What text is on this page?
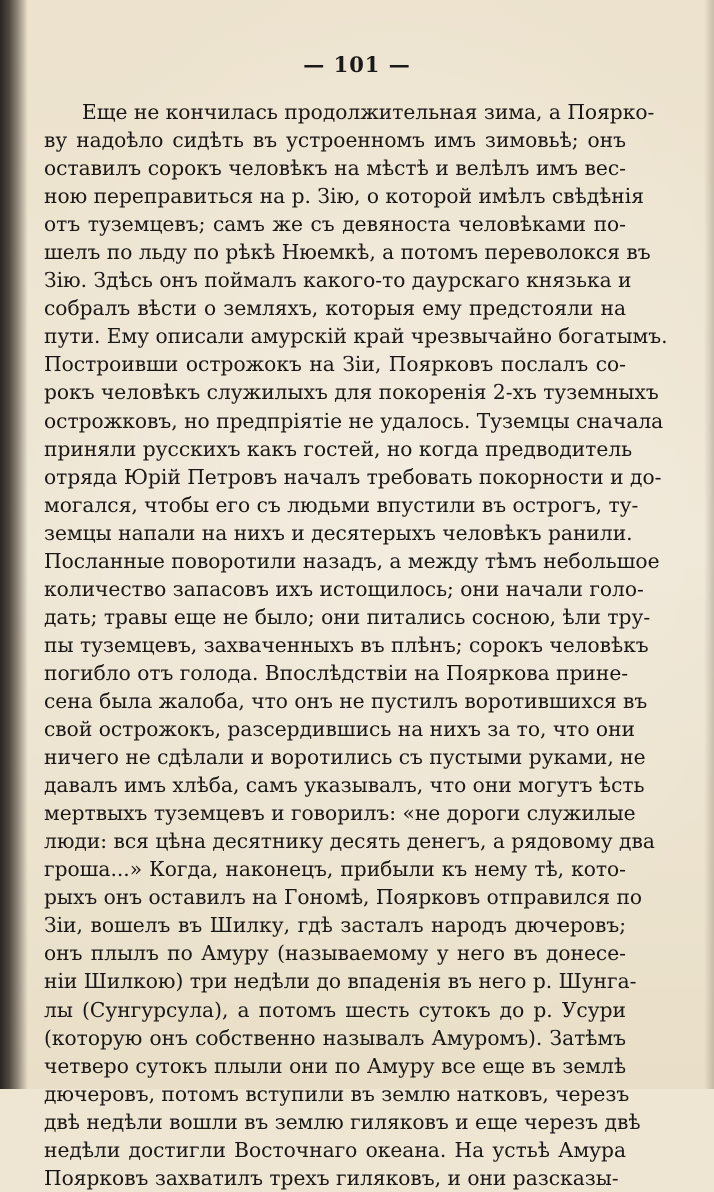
— 101 —
Еще не кончилась продолжительная зима, а Поярко-
ву надоѣло сидѣть въ устроенномъ имъ зимовьѣ; онъ
оставилъ сорокъ человѣкъ на мѣстѣ и велѣлъ имъ вес-
ною переправиться на р. Зію, о которой имѣлъ свѣдѣнія
отъ туземцевъ; самъ же съ девяноста человѣками по-
шелъ по льду по рѣкѣ Нюемкѣ, а потомъ переволокся въ
Зію. Здѣсь онъ поймалъ какого-то даурскаго князька и
собралъ вѣсти о земляхъ, которыя ему предстояли на
пути. Ему описали амурскій край чрезвычайно богатымъ.
Построивши острожокъ на Зіи, Поярковъ послалъ со-
рокъ человѣкъ служилыхъ для покоренія 2-хъ туземныхъ
острожковъ, но предпріятіе не удалось. Туземцы сначала
приняли русскихъ какъ гостей, но когда предводитель
отряда Юрій Петровъ началъ требовать покорности и до-
могался, чтобы его съ людьми впустили въ острогъ, ту-
земцы напали на нихъ и десятерыхъ человѣкъ ранили.
Посланные поворотили назадъ, а между тѣмъ небольшое
количество запасовъ ихъ истощилось; они начали голо-
дать; травы еще не было; они питались сосною, ѣли тру-
пы туземцевъ, захваченныхъ въ плѣнъ; сорокъ человѣкъ
погибло отъ голода. Впослѣдствіи на Пояркова прине-
сена была жалоба, что онъ не пустилъ воротившихся въ
свой острожокъ, разсердившись на нихъ за то, что они
ничего не сдѣлали и воротились съ пустыми руками, не
давалъ имъ хлѣба, самъ указывалъ, что они могутъ ѣсть
мертвыхъ туземцевъ и говорилъ: «не дороги служилые
люди: вся цѣна десятнику десять денегъ, а рядовому два
гроша...» Когда, наконецъ, прибыли къ нему тѣ, кото-
рыхъ онъ оставилъ на Гономѣ, Поярковъ отправился по
Зіи, вошелъ въ Шилку, гдѣ засталъ народъ дючеровъ;
онъ плылъ по Амуру (называемому у него въ донесе-
ніи Шилкою) три недѣли до впаденія въ него р. Шунга-
лы (Сунгурсула), а потомъ шесть сутокъ до р. Усури
(которую онъ собственно называлъ Амуромъ). Затѣмъ
четверо сутокъ плыли они по Амуру все еще въ землѣ
дючеровъ, потомъ вступили въ землю натковъ, черезъ
двѣ недѣли вошли въ землю гиляковъ и еще черезъ двѣ
недѣли достигли Восточнаго океана. На устьѣ Амура
Поярковъ захватилъ трехъ гиляковъ, и они разсказы-
